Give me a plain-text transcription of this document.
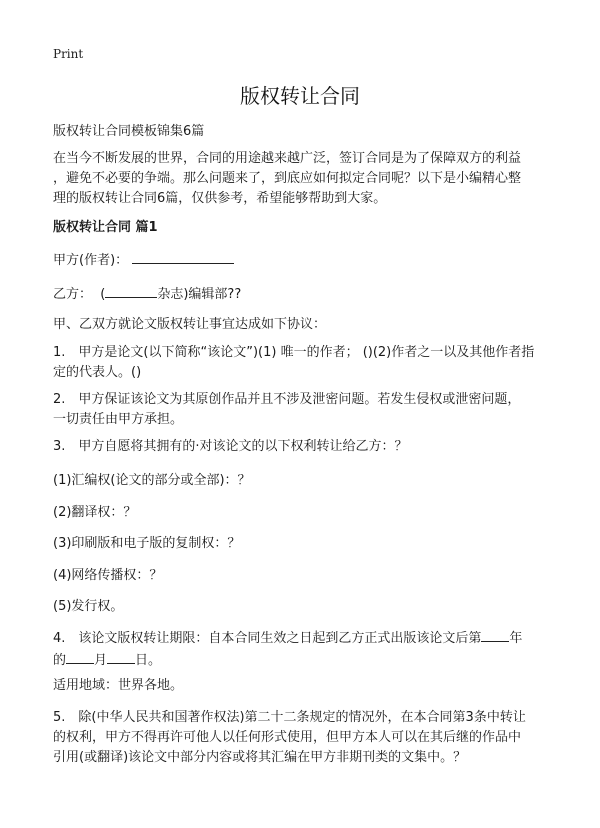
Print
版权转让合同
版权转让合同模板锦集6篇
在当今不断发展的世界，合同的用途越来越广泛，签订合同是为了保障双方的利益
，避免不必要的争端。那么问题来了，到底应如何拟定合同呢？以下是小编精心整
理的版权转让合同6篇，仅供参考，希望能够帮助到大家。
版权转让合同 篇1
甲方(作者)：
乙方： (	杂志)编辑部??
甲、乙双方就论文版权转让事宜达成如下协议：
1.　甲方是论文(以下简称“该论文”)(1) 唯一的作者； ()(2)作者之一以及其他作者指
定的代表人。()
2.　甲方保证该论文为其原创作品并且不涉及泄密问题。若发生侵权或泄密问题，
一切责任由甲方承担。
3.　甲方自愿将其拥有的·对该论文的以下权利转让给乙方：？
(1)汇编权(论文的部分或全部)：？
(2)翻译权：？
(3)印刷版和电子版的复制权：？
(4)网络传播权：？
(5)发行权。
4.　该论文版权转让期限：自本合同生效之日起到乙方正式出版该论文后第 年
的 月 日。
适用地域：世界各地。
5.　除(中华人民共和国著作权法)第二十二条规定的情况外，在本合同第3条中转让
的权利，甲方不得再许可他人以任何形式使用，但甲方本人可以在其后继的作品中
引用(或翻译)该论文中部分内容或将其汇编在甲方非期刊类的文集中。？
